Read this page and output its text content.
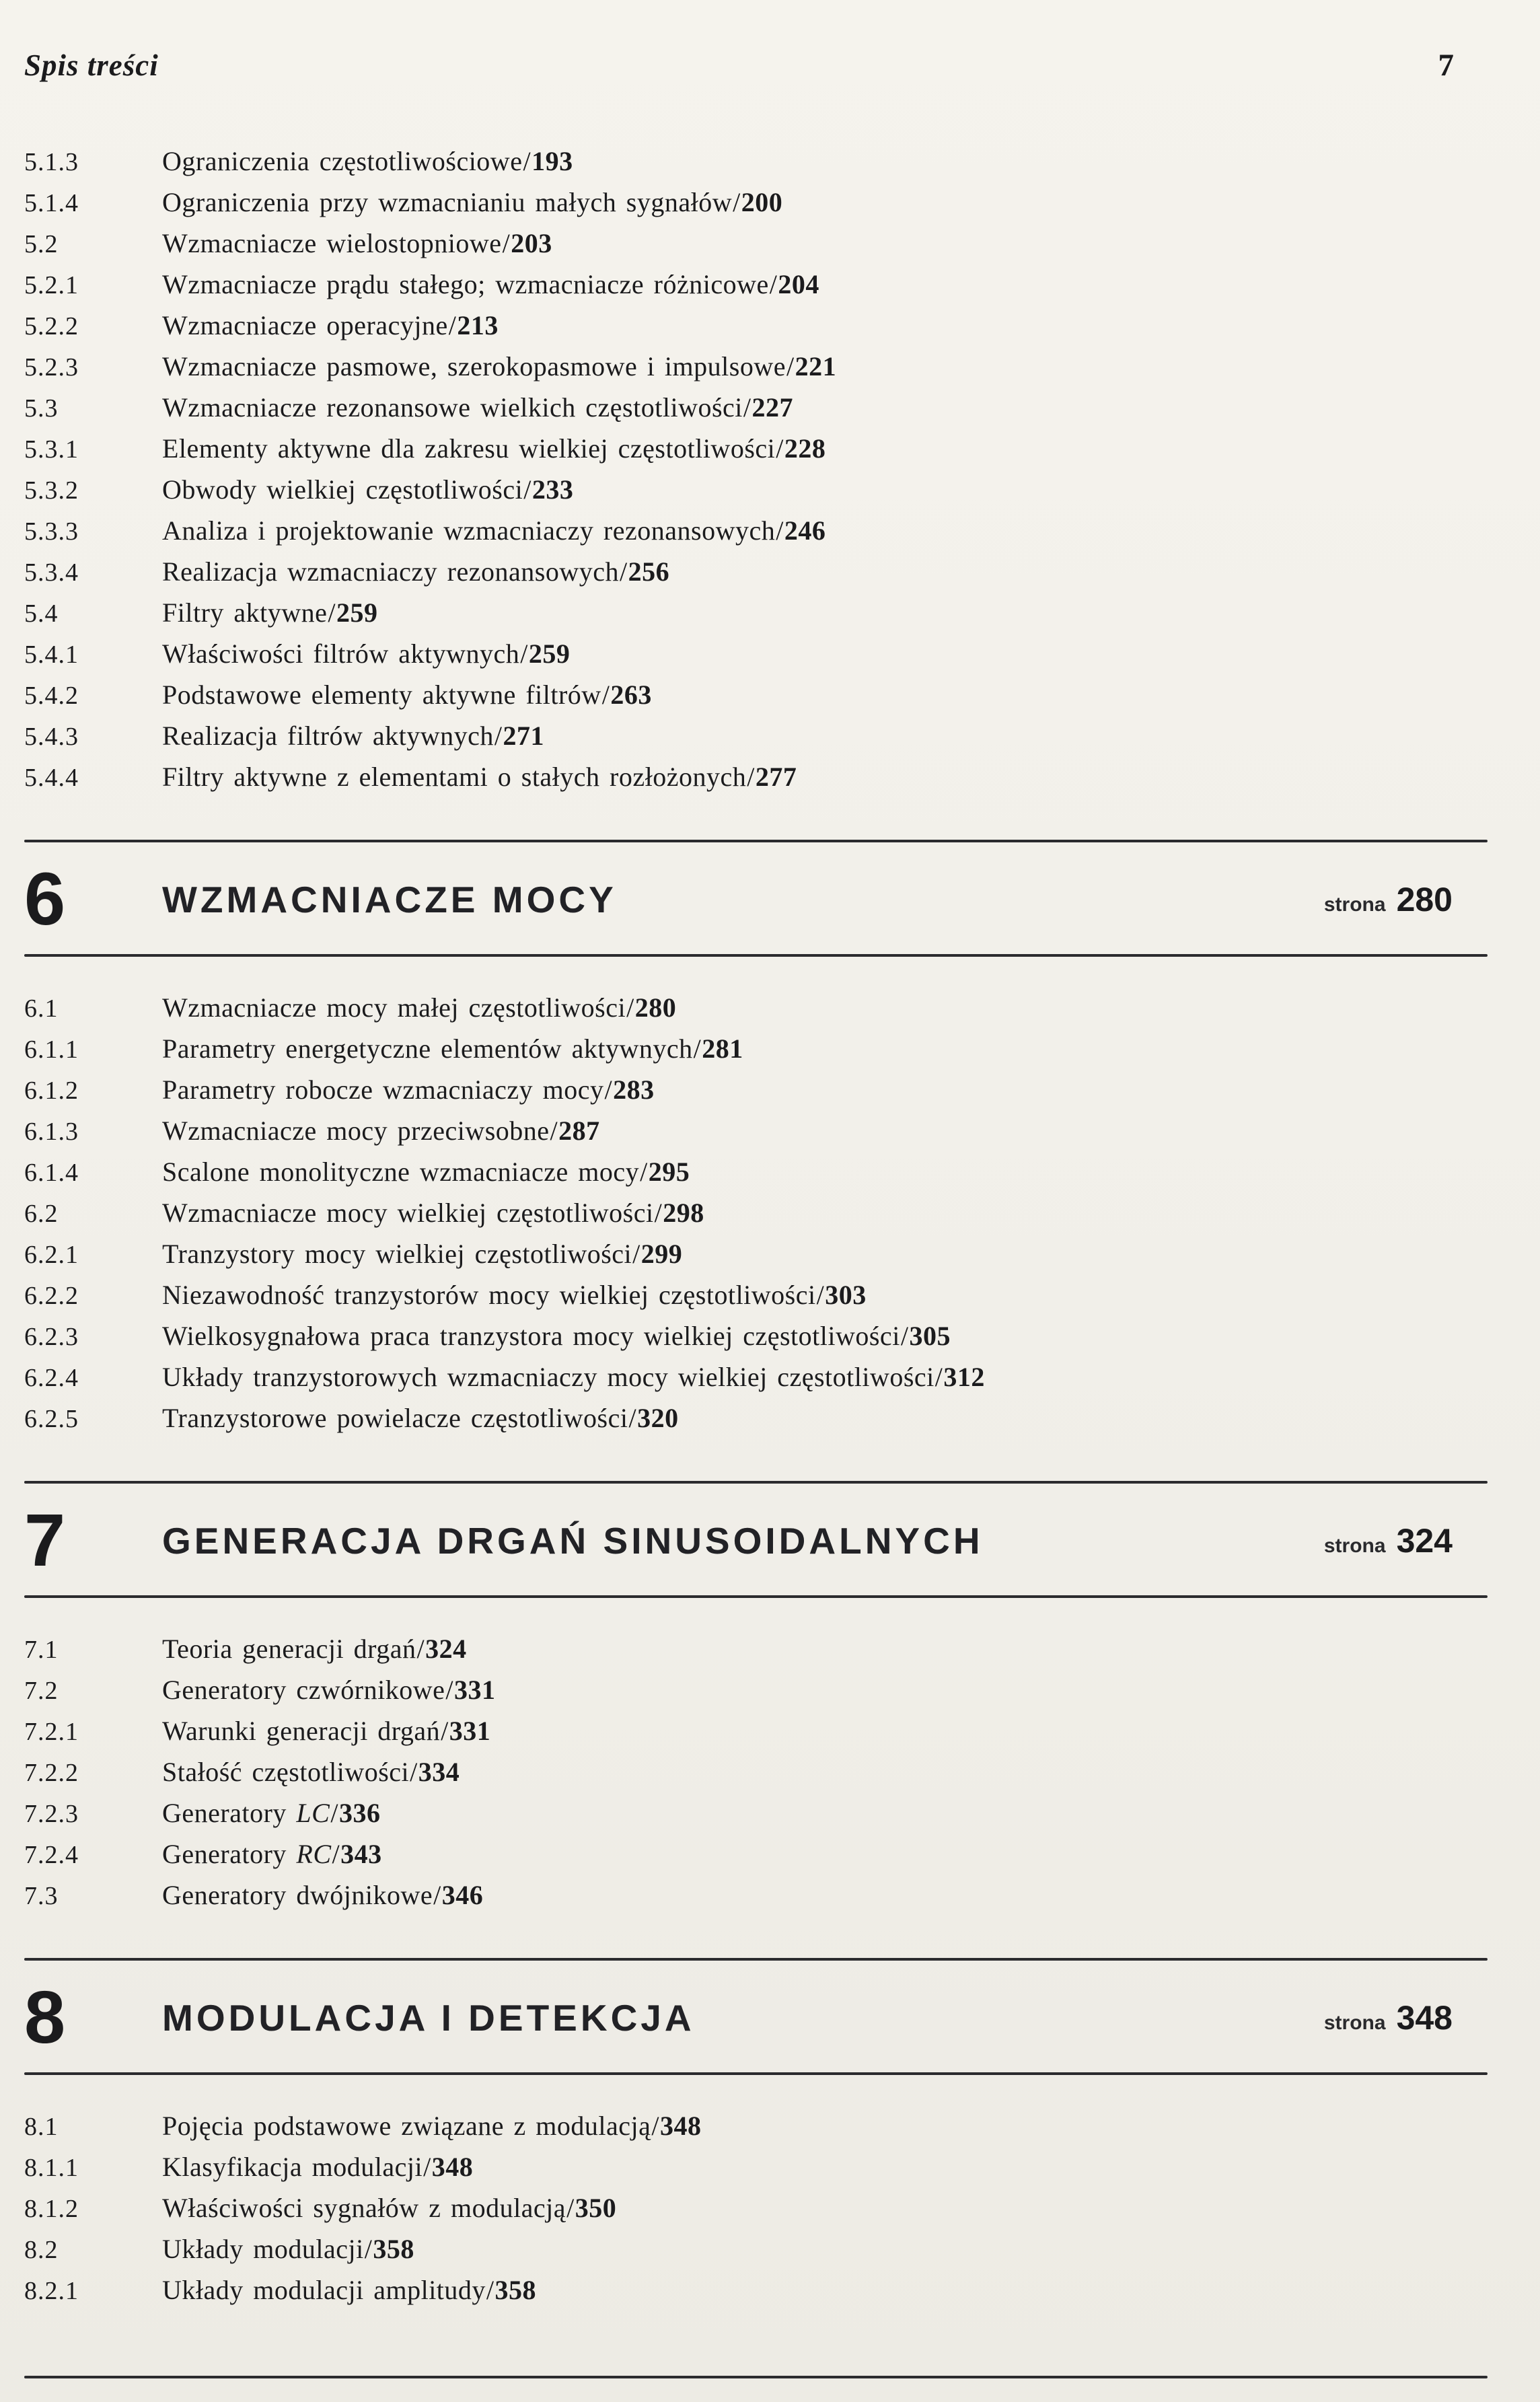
Spis treści	7
5.1.3	Ograniczenia częstotliwościowe/193
5.1.4	Ograniczenia przy wzmacnianiu małych sygnałów/200
5.2	Wzmacniacze wielostopniowe/203
5.2.1	Wzmacniacze prądu stałego; wzmacniacze różnicowe/204
5.2.2	Wzmacniacze operacyjne/213
5.2.3	Wzmacniacze pasmowe, szerokopasmowe i impulsowe/221
5.3	Wzmacniacze rezonansowe wielkich częstotliwości/227
5.3.1	Elementy aktywne dla zakresu wielkiej częstotliwości/228
5.3.2	Obwody wielkiej częstotliwości/233
5.3.3	Analiza i projektowanie wzmacniaczy rezonansowych/246
5.3.4	Realizacja wzmacniaczy rezonansowych/256
5.4	Filtry aktywne/259
5.4.1	Właściwości filtrów aktywnych/259
5.4.2	Podstawowe elementy aktywne filtrów/263
5.4.3	Realizacja filtrów aktywnych/271
5.4.4	Filtry aktywne z elementami o stałych rozłożonych/277
6	WZMACNIACZE MOCY	strona 280
6.1	Wzmacniacze mocy małej częstotliwości/280
6.1.1	Parametry energetyczne elementów aktywnych/281
6.1.2	Parametry robocze wzmacniaczy mocy/283
6.1.3	Wzmacniacze mocy przeciwsobne/287
6.1.4	Scalone monolityczne wzmacniacze mocy/295
6.2	Wzmacniacze mocy wielkiej częstotliwości/298
6.2.1	Tranzystory mocy wielkiej częstotliwości/299
6.2.2	Niezawodność tranzystorów mocy wielkiej częstotliwości/303
6.2.3	Wielkosygnałowa praca tranzystora mocy wielkiej częstotliwości/305
6.2.4	Układy tranzystorowych wzmacniaczy mocy wielkiej częstotliwości/312
6.2.5	Tranzystorowe powielacze częstotliwości/320
7	GENERACJA DRGAŃ SINUSOIDALNYCH	strona 324
7.1	Teoria generacji drgań/324
7.2	Generatory czwórnikowe/331
7.2.1	Warunki generacji drgań/331
7.2.2	Stałość częstotliwości/334
7.2.3	Generatory LC/336
7.2.4	Generatory RC/343
7.3	Generatory dwójnikowe/346
8	MODULACJA I DETEKCJA	strona 348
8.1	Pojęcia podstawowe związane z modulacją/348
8.1.1	Klasyfikacja modulacji/348
8.1.2	Właściwości sygnałów z modulacją/350
8.2	Układy modulacji/358
8.2.1	Układy modulacji amplitudy/358
